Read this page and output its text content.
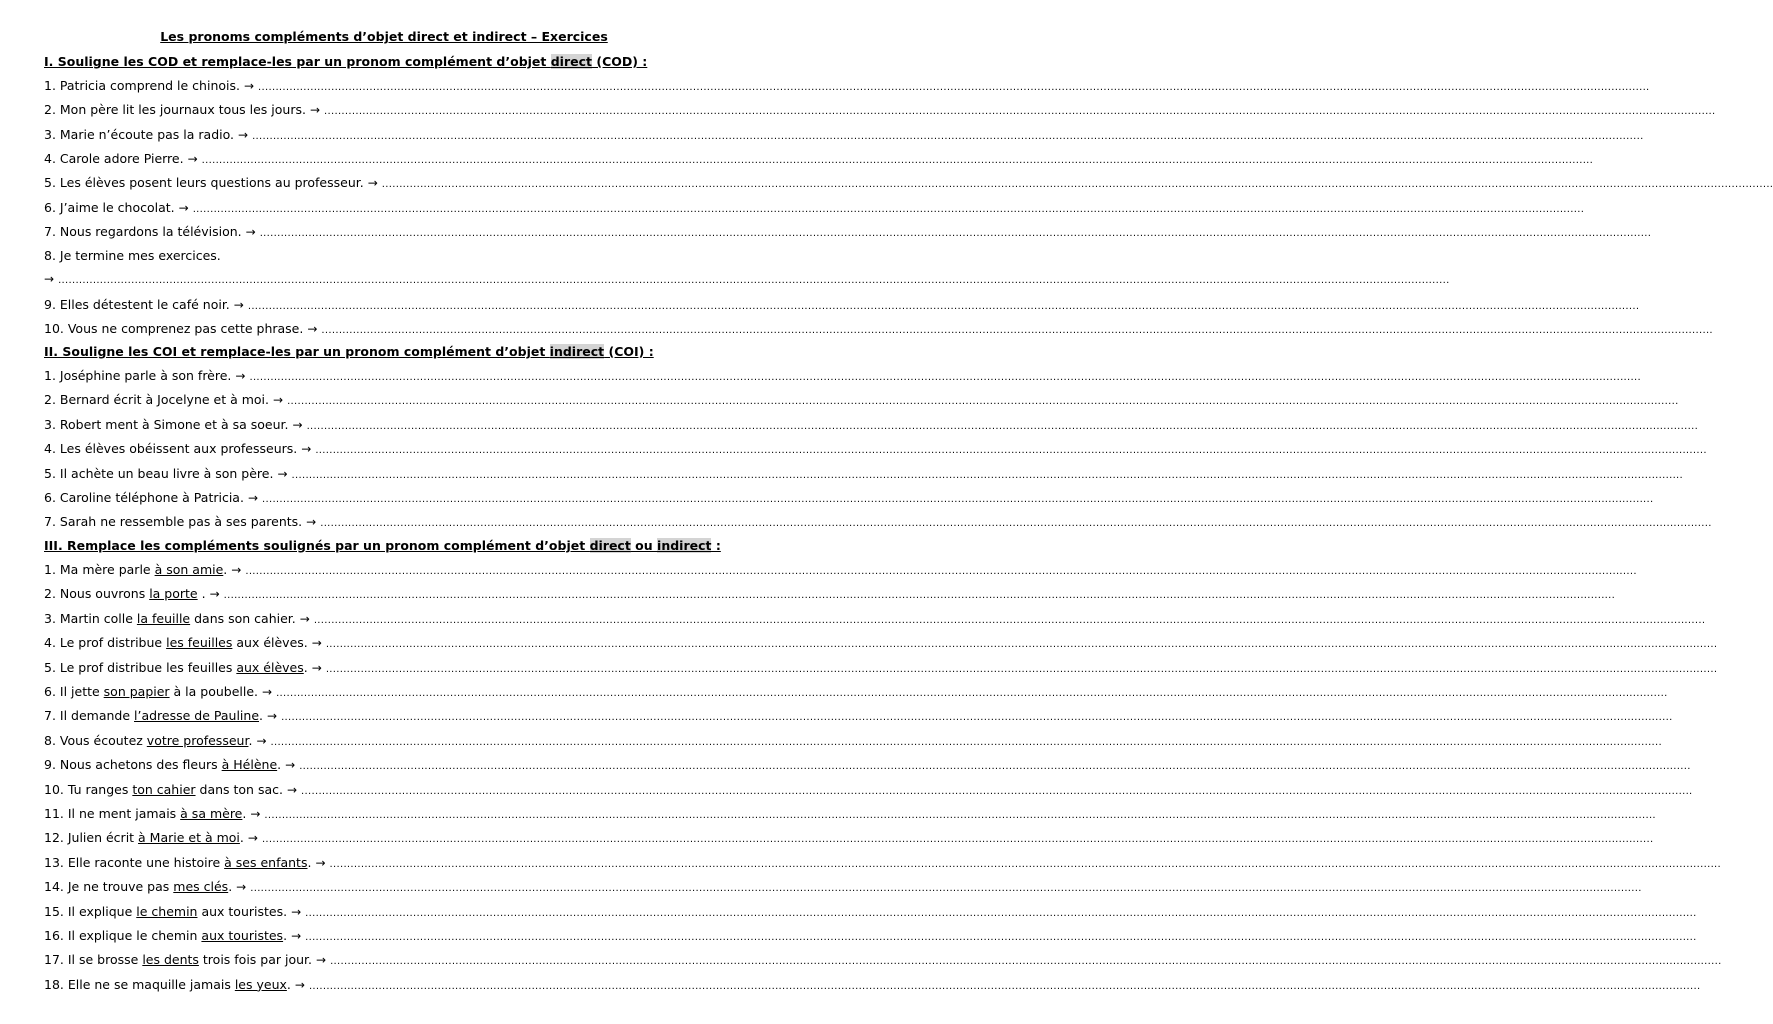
Les pronoms compléments d’objet direct et indirect – Exercices
I. Souligne les COD et remplace-les par un pronom complément d’objet direct (COD) :
1. Patricia comprend le chinois. → ................................................................................................................................................................................................................................................................................................................................................................................................................
2. Mon père lit les journaux tous les jours. → ................................................................................................................................................................................................................................................................................................................................................................................................................
3. Marie n’écoute pas la radio. → ................................................................................................................................................................................................................................................................................................................................................................................................................
4. Carole adore Pierre. → ................................................................................................................................................................................................................................................................................................................................................................................................................
5. Les élèves posent leurs questions au professeur. → ................................................................................................................................................................................................................................................................................................................................................................................................................
6. J’aime le chocolat. → ................................................................................................................................................................................................................................................................................................................................................................................................................
7. Nous regardons la télévision. → ................................................................................................................................................................................................................................................................................................................................................................................................................
8. Je termine mes exercices.
→ ................................................................................................................................................................................................................................................................................................................................................................................................................
9. Elles détestent le café noir. → ................................................................................................................................................................................................................................................................................................................................................................................................................
10. Vous ne comprenez pas cette phrase. → ................................................................................................................................................................................................................................................................................................................................................................................................................
II. Souligne les COI et remplace-les par un pronom complément d’objet indirect (COI) :
1. Joséphine parle à son frère. → ................................................................................................................................................................................................................................................................................................................................................................................................................
2. Bernard écrit à Jocelyne et à moi. → ................................................................................................................................................................................................................................................................................................................................................................................................................
3. Robert ment à Simone et à sa soeur. → ................................................................................................................................................................................................................................................................................................................................................................................................................
4. Les élèves obéissent aux professeurs. → ................................................................................................................................................................................................................................................................................................................................................................................................................
5. Il achète un beau livre à son père. → ................................................................................................................................................................................................................................................................................................................................................................................................................
6. Caroline téléphone à Patricia. → ................................................................................................................................................................................................................................................................................................................................................................................................................
7. Sarah ne ressemble pas à ses parents. → ................................................................................................................................................................................................................................................................................................................................................................................................................
III. Remplace les compléments soulignés par un pronom complément d’objet direct ou indirect :
1. Ma mère parle à son amie. → ................................................................................................................................................................................................................................................................................................................................................................................................................
2. Nous ouvrons la porte . → ................................................................................................................................................................................................................................................................................................................................................................................................................
3. Martin colle la feuille dans son cahier. → ................................................................................................................................................................................................................................................................................................................................................................................................................
4. Le prof distribue les feuilles aux élèves. → ................................................................................................................................................................................................................................................................................................................................................................................................................
5. Le prof distribue les feuilles aux élèves. → ................................................................................................................................................................................................................................................................................................................................................................................................................
6. Il jette son papier à la poubelle. → ................................................................................................................................................................................................................................................................................................................................................................................................................
7. Il demande l’adresse de Pauline. → ................................................................................................................................................................................................................................................................................................................................................................................................................
8. Vous écoutez votre professeur. → ................................................................................................................................................................................................................................................................................................................................................................................................................
9. Nous achetons des fleurs à Hélène. → ................................................................................................................................................................................................................................................................................................................................................................................................................
10. Tu ranges ton cahier dans ton sac. → ................................................................................................................................................................................................................................................................................................................................................................................................................
11. Il ne ment jamais à sa mère. → ................................................................................................................................................................................................................................................................................................................................................................................................................
12. Julien écrit à Marie et à moi. → ................................................................................................................................................................................................................................................................................................................................................................................................................
13. Elle raconte une histoire à ses enfants. → ................................................................................................................................................................................................................................................................................................................................................................................................................
14. Je ne trouve pas mes clés. → ................................................................................................................................................................................................................................................................................................................................................................................................................
15. Il explique le chemin aux touristes. → ................................................................................................................................................................................................................................................................................................................................................................................................................
16. Il explique le chemin aux touristes. → ................................................................................................................................................................................................................................................................................................................................................................................................................
17. Il se brosse les dents trois fois par jour. → ................................................................................................................................................................................................................................................................................................................................................................................................................
18. Elle ne se maquille jamais les yeux. → ................................................................................................................................................................................................................................................................................................................................................................................................................
